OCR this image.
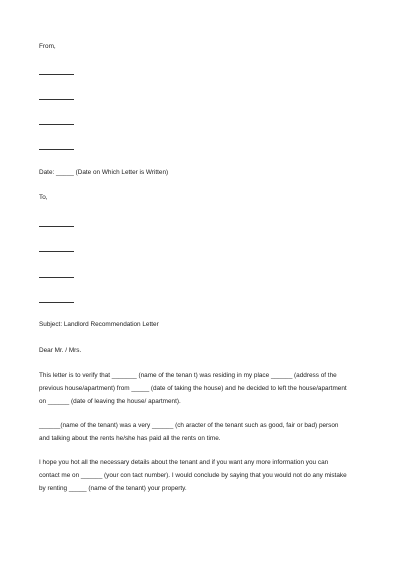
From,
Date: _____ (Date on Which Letter is Written)
To,
Subject: Landlord Recommendation Letter
Dear Mr. / Mrs.
This letter is to verify that _______ (name of the tenan t) was residing in my place ______ (address of the
previous house/apartment) from _____ (date of taking the house) and he decided to left the house/apartment
on ______ (date of leaving the house/ apartment).
______(name of the tenant) was a very ______ (ch aracter of the tenant such as good, fair or bad) person
and talking about the rents he/she has paid all the rents on time.
I hope you hot all the necessary details about the tenant and if you want any more information you can
contact me on ______ (your con tact number). I would conclude by saying that you would not do any mistake
by renting _____ (name of the tenant) your property.
